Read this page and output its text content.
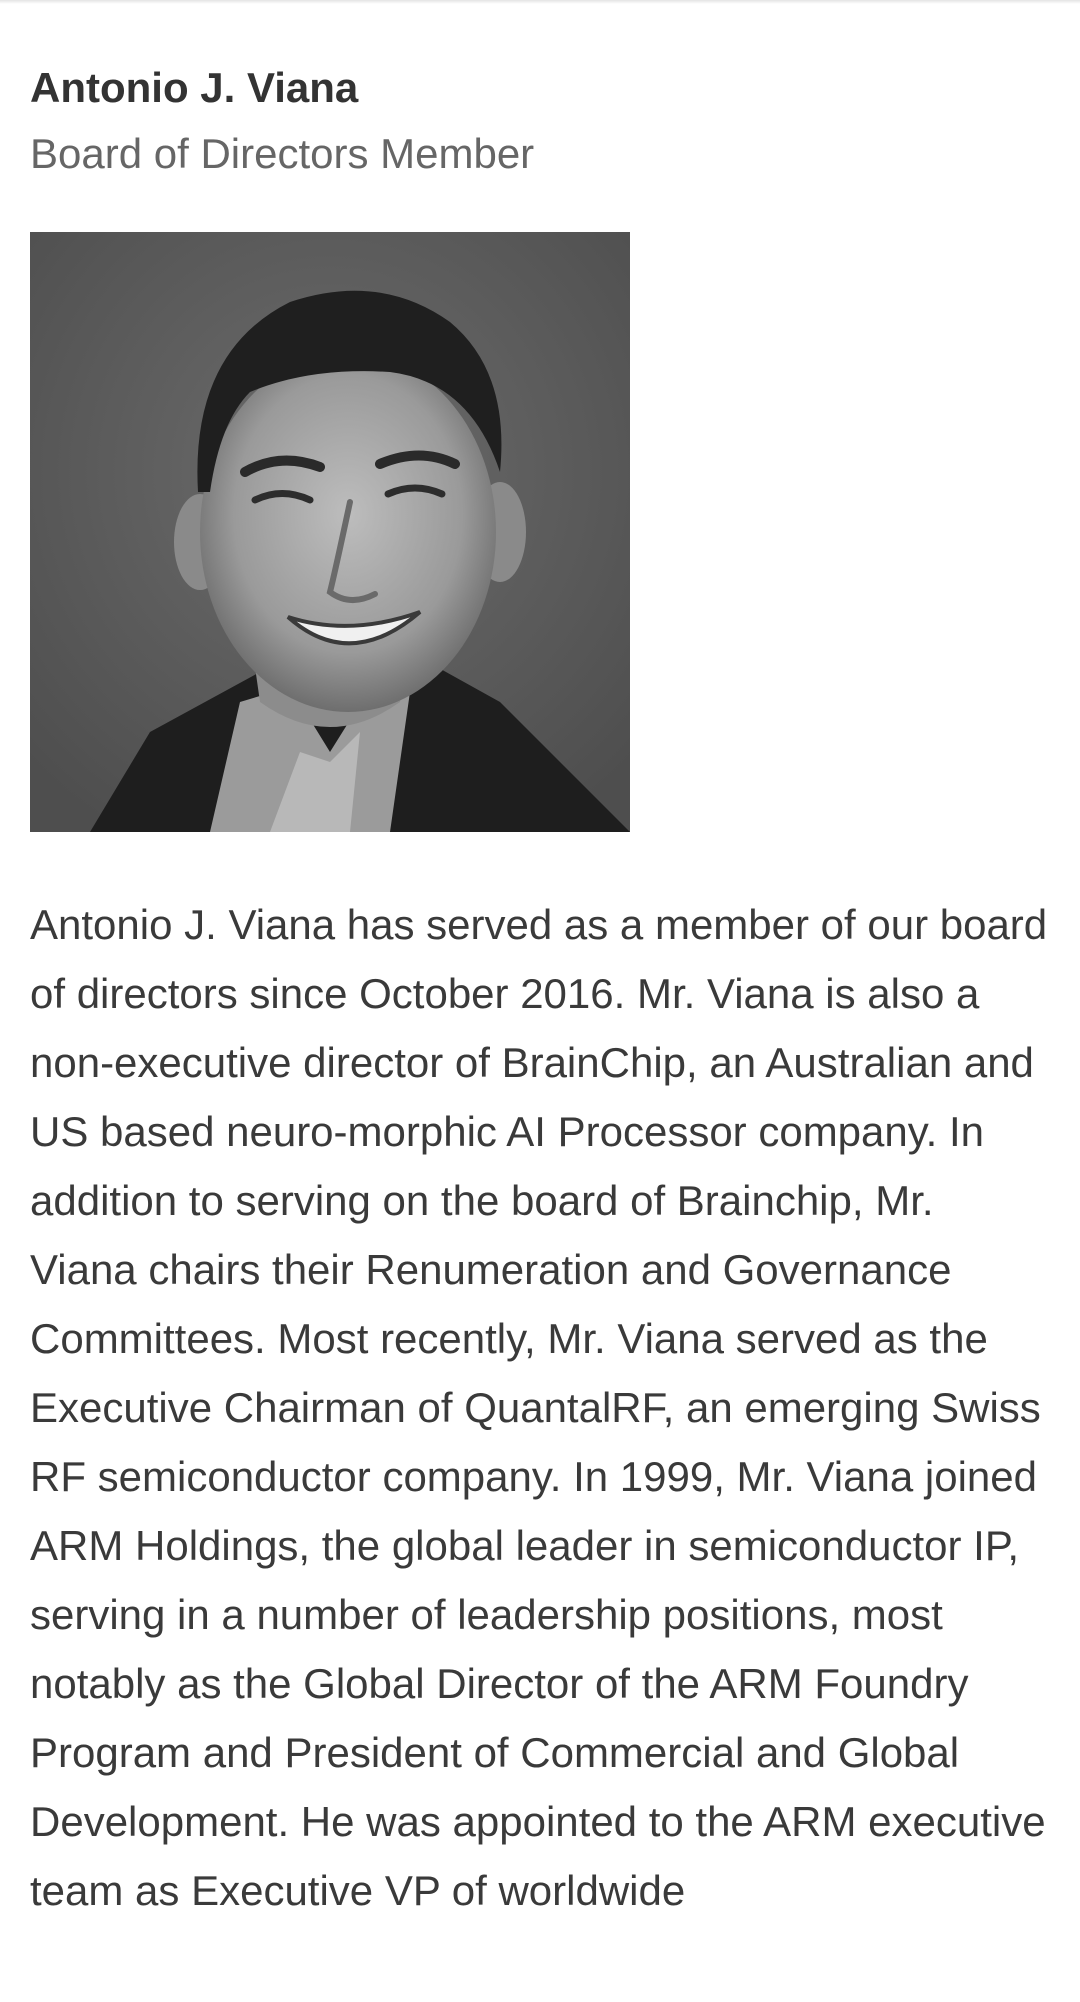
Antonio J. Viana
Board of Directors Member
Antonio J. Viana has served as a member of our board of directors since October 2016. Mr. Viana is also a non-executive director of BrainChip, an Australian and US based neuro-morphic AI Processor company. In addition to serving on the board of Brainchip, Mr. Viana chairs their Renumeration and Governance Committees. Most recently, Mr. Viana served as the Executive Chairman of QuantalRF, an emerging Swiss RF semiconductor company. In 1999, Mr. Viana joined ARM Holdings, the global leader in semiconductor IP, serving in a number of leadership positions, most notably as the Global Director of the ARM Foundry Program and President of Commercial and Global Development. He was appointed to the ARM executive team as Executive VP of worldwide
